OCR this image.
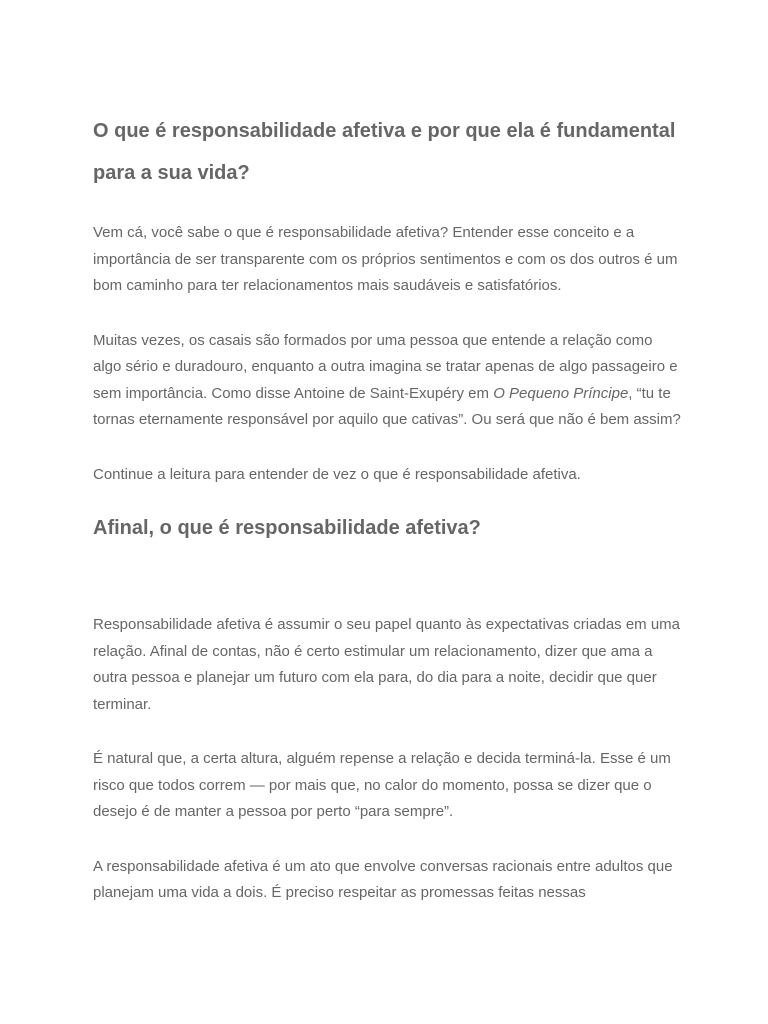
O que é responsabilidade afetiva e por que ela é fundamental para a sua vida?

Vem cá, você sabe o que é responsabilidade afetiva? Entender esse conceito e a importância de ser transparente com os próprios sentimentos e com os dos outros é um bom caminho para ter relacionamentos mais saudáveis e satisfatórios.

Muitas vezes, os casais são formados por uma pessoa que entende a relação como algo sério e duradouro, enquanto a outra imagina se tratar apenas de algo passageiro e sem importância. Como disse Antoine de Saint-Exupéry em O Pequeno Príncipe, “tu te tornas eternamente responsável por aquilo que cativas”. Ou será que não é bem assim?

Continue a leitura para entender de vez o que é responsabilidade afetiva.

Afinal, o que é responsabilidade afetiva?

Responsabilidade afetiva é assumir o seu papel quanto às expectativas criadas em uma relação. Afinal de contas, não é certo estimular um relacionamento, dizer que ama a outra pessoa e planejar um futuro com ela para, do dia para a noite, decidir que quer terminar.

É natural que, a certa altura, alguém repense a relação e decida terminá-la. Esse é um risco que todos correm — por mais que, no calor do momento, possa se dizer que o desejo é de manter a pessoa por perto “para sempre”.

A responsabilidade afetiva é um ato que envolve conversas racionais entre adultos que planejam uma vida a dois. É preciso respeitar as promessas feitas nessas
